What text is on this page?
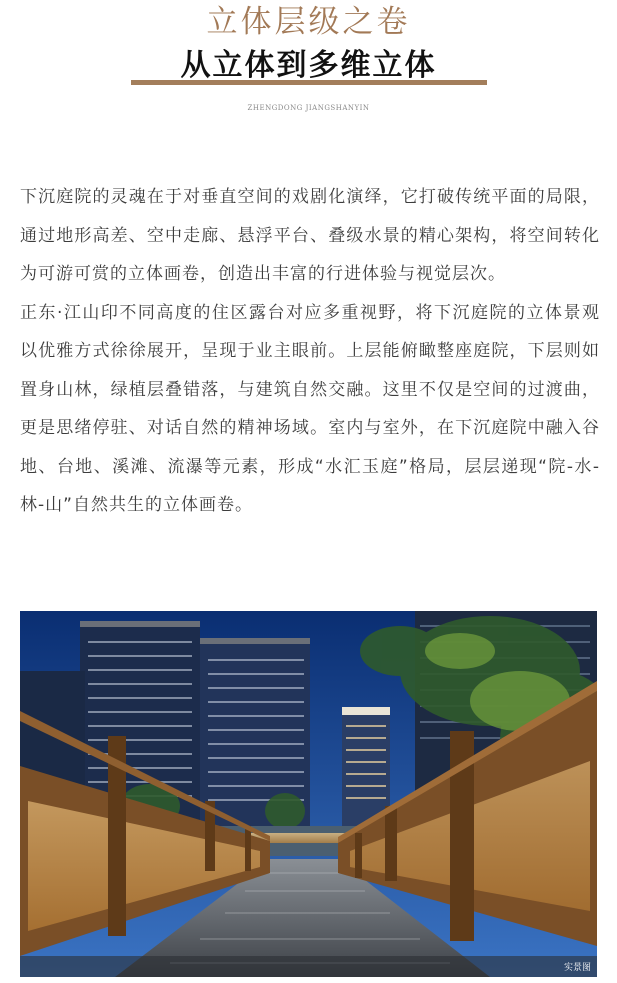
立体层级之卷
从立体到多维立体
ZHENGDONG JIANGSHANYIN

下沉庭院的灵魂在于对垂直空间的戏剧化演绎，它打破传统平面的局限，通过地形高差、空中走廊、悬浮平台、叠级水景的精心架构，将空间转化为可游可赏的立体画卷，创造出丰富的行进体验与视觉层次。

正东·江山印不同高度的住区露台对应多重视野，将下沉庭院的立体景观以优雅方式徐徐展开，呈现于业主眼前。上层能俯瞰整座庭院，下层则如置身山林，绿植层叠错落，与建筑自然交融。这里不仅是空间的过渡曲，更是思绪停驻、对话自然的精神场域。室内与室外，在下沉庭院中融入谷地、台地、溪滩、流瀑等元素，形成“水汇玉庭”格局，层层递现“院-水-林-山”自然共生的立体画卷。

实景图
